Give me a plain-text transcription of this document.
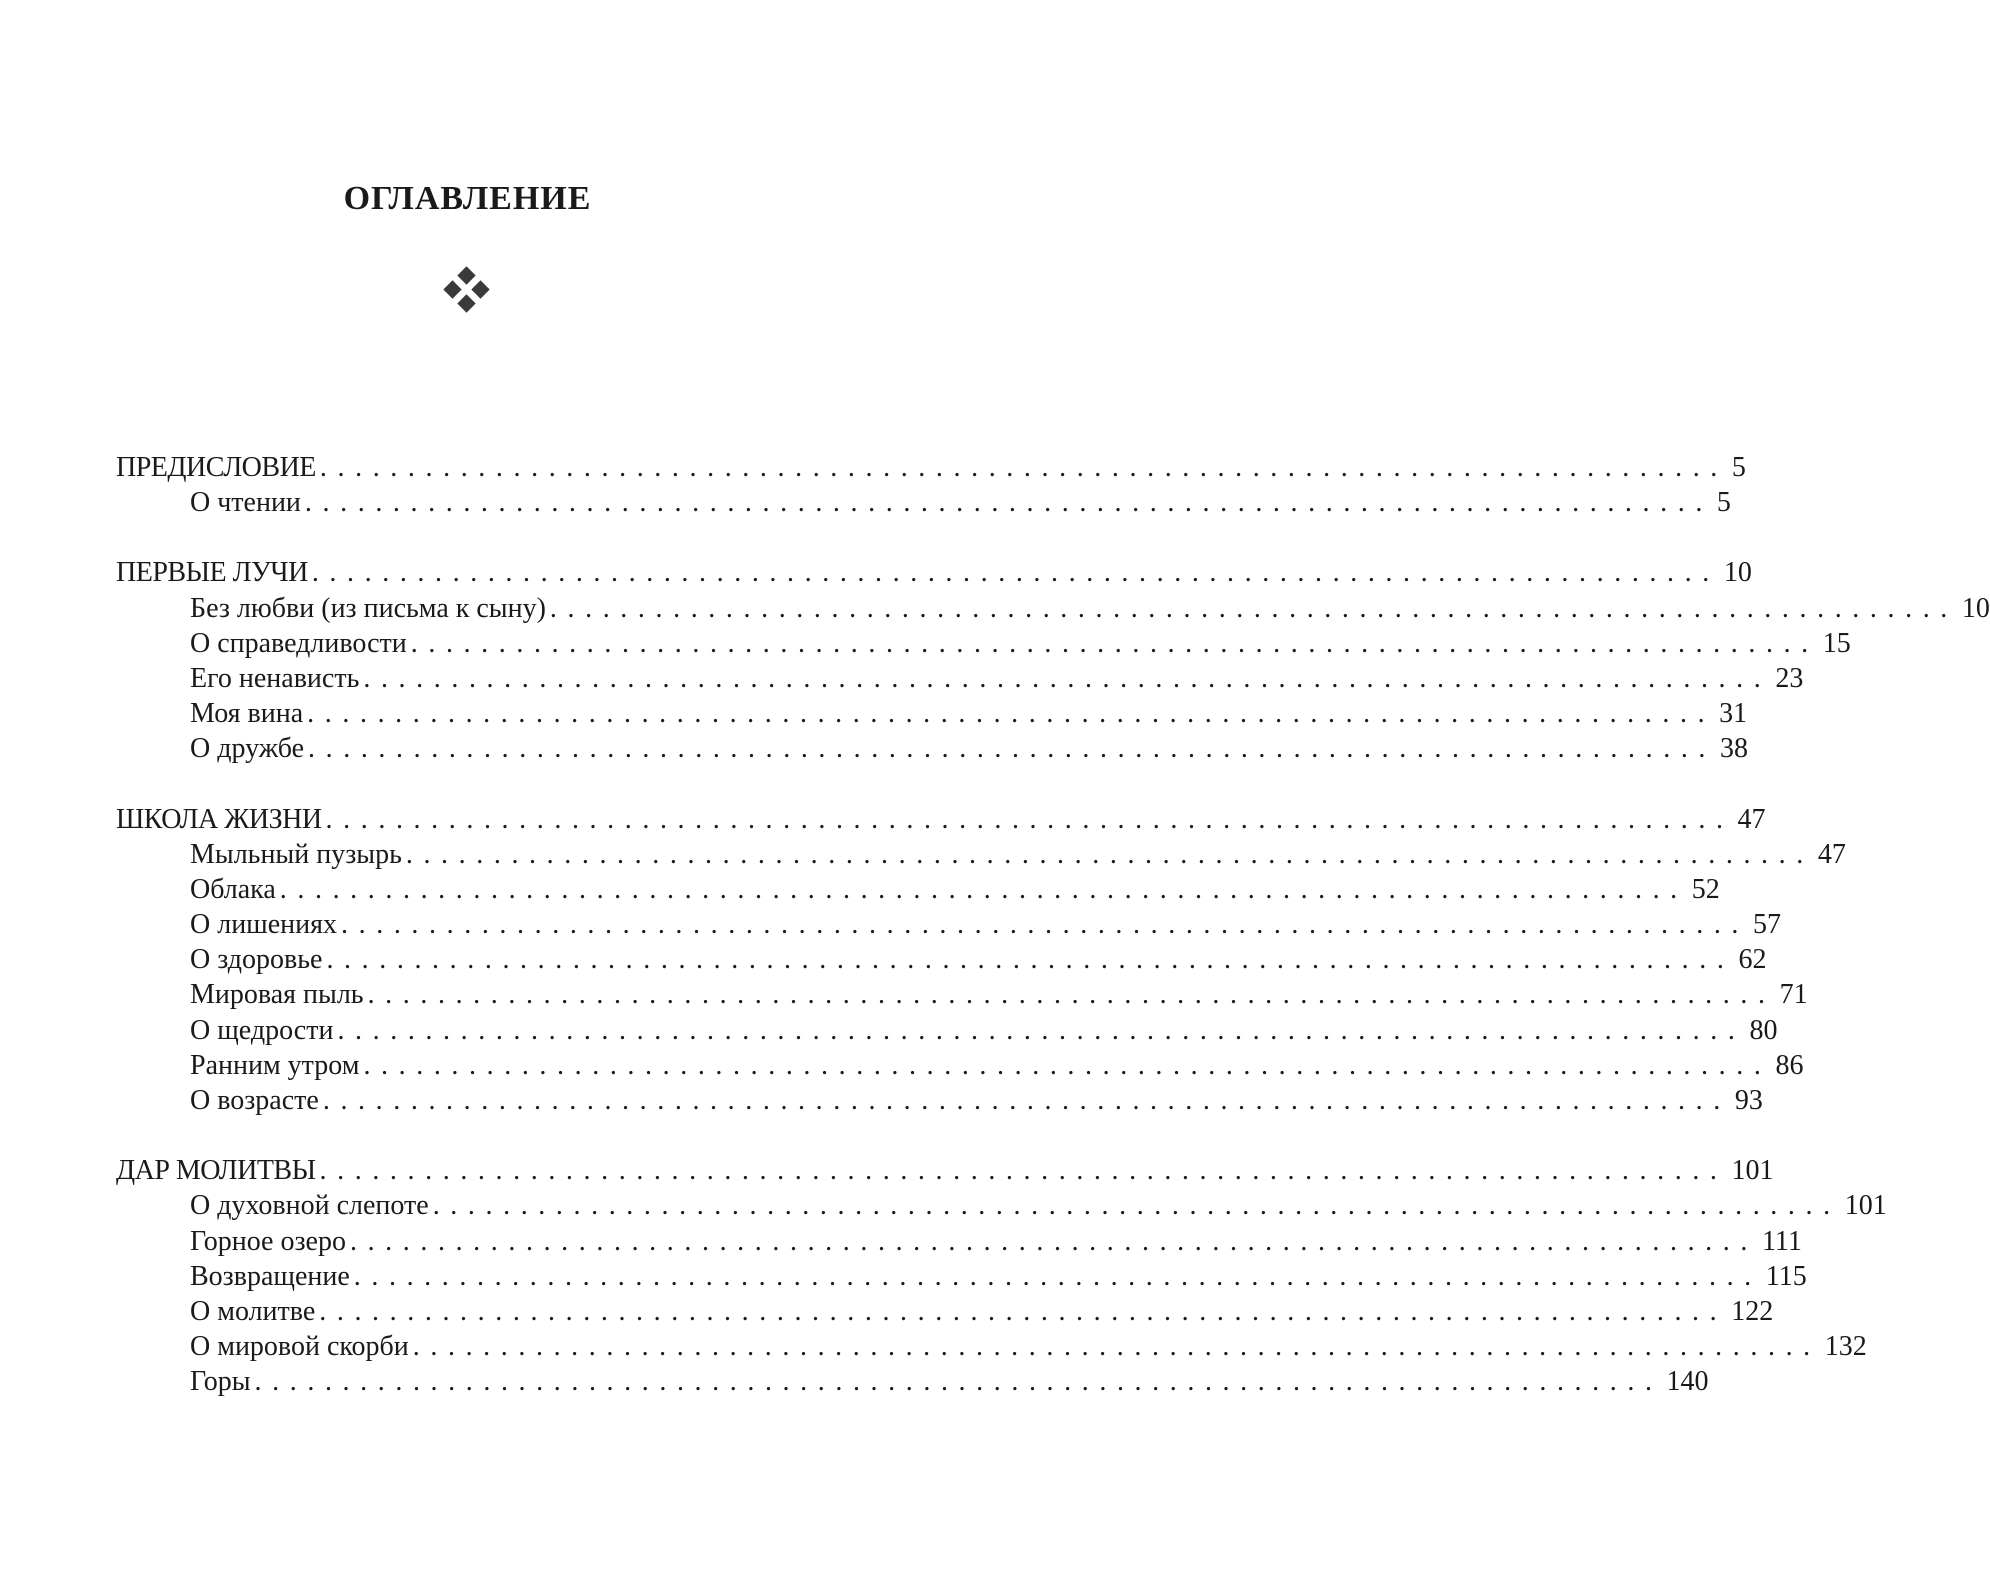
ОГЛАВЛЕНИЕ
ПРЕДИСЛОВИЕ ................................................................................ 5
О чтении ................................................................................ 5
ПЕРВЫЕ ЛУЧИ ................................................................................ 10
Без любви (из письма к сыну) ................................................................................ 10
О справедливости ................................................................................ 15
Его ненависть ................................................................................ 23
Моя вина ................................................................................ 31
О дружбе ................................................................................ 38
ШКОЛА ЖИЗНИ ................................................................................ 47
Мыльный пузырь ................................................................................ 47
Облака ................................................................................ 52
О лишениях ................................................................................ 57
О здоровье ................................................................................ 62
Мировая пыль ................................................................................ 71
О щедрости ................................................................................ 80
Ранним утром ................................................................................ 86
О возрасте ................................................................................ 93
ДАР МОЛИТВЫ ................................................................................ 101
О духовной слепоте ................................................................................ 101
Горное озеро ................................................................................ 111
Возвращение ................................................................................ 115
О молитве ................................................................................ 122
О мировой скорби ................................................................................ 132
Горы ................................................................................ 140
